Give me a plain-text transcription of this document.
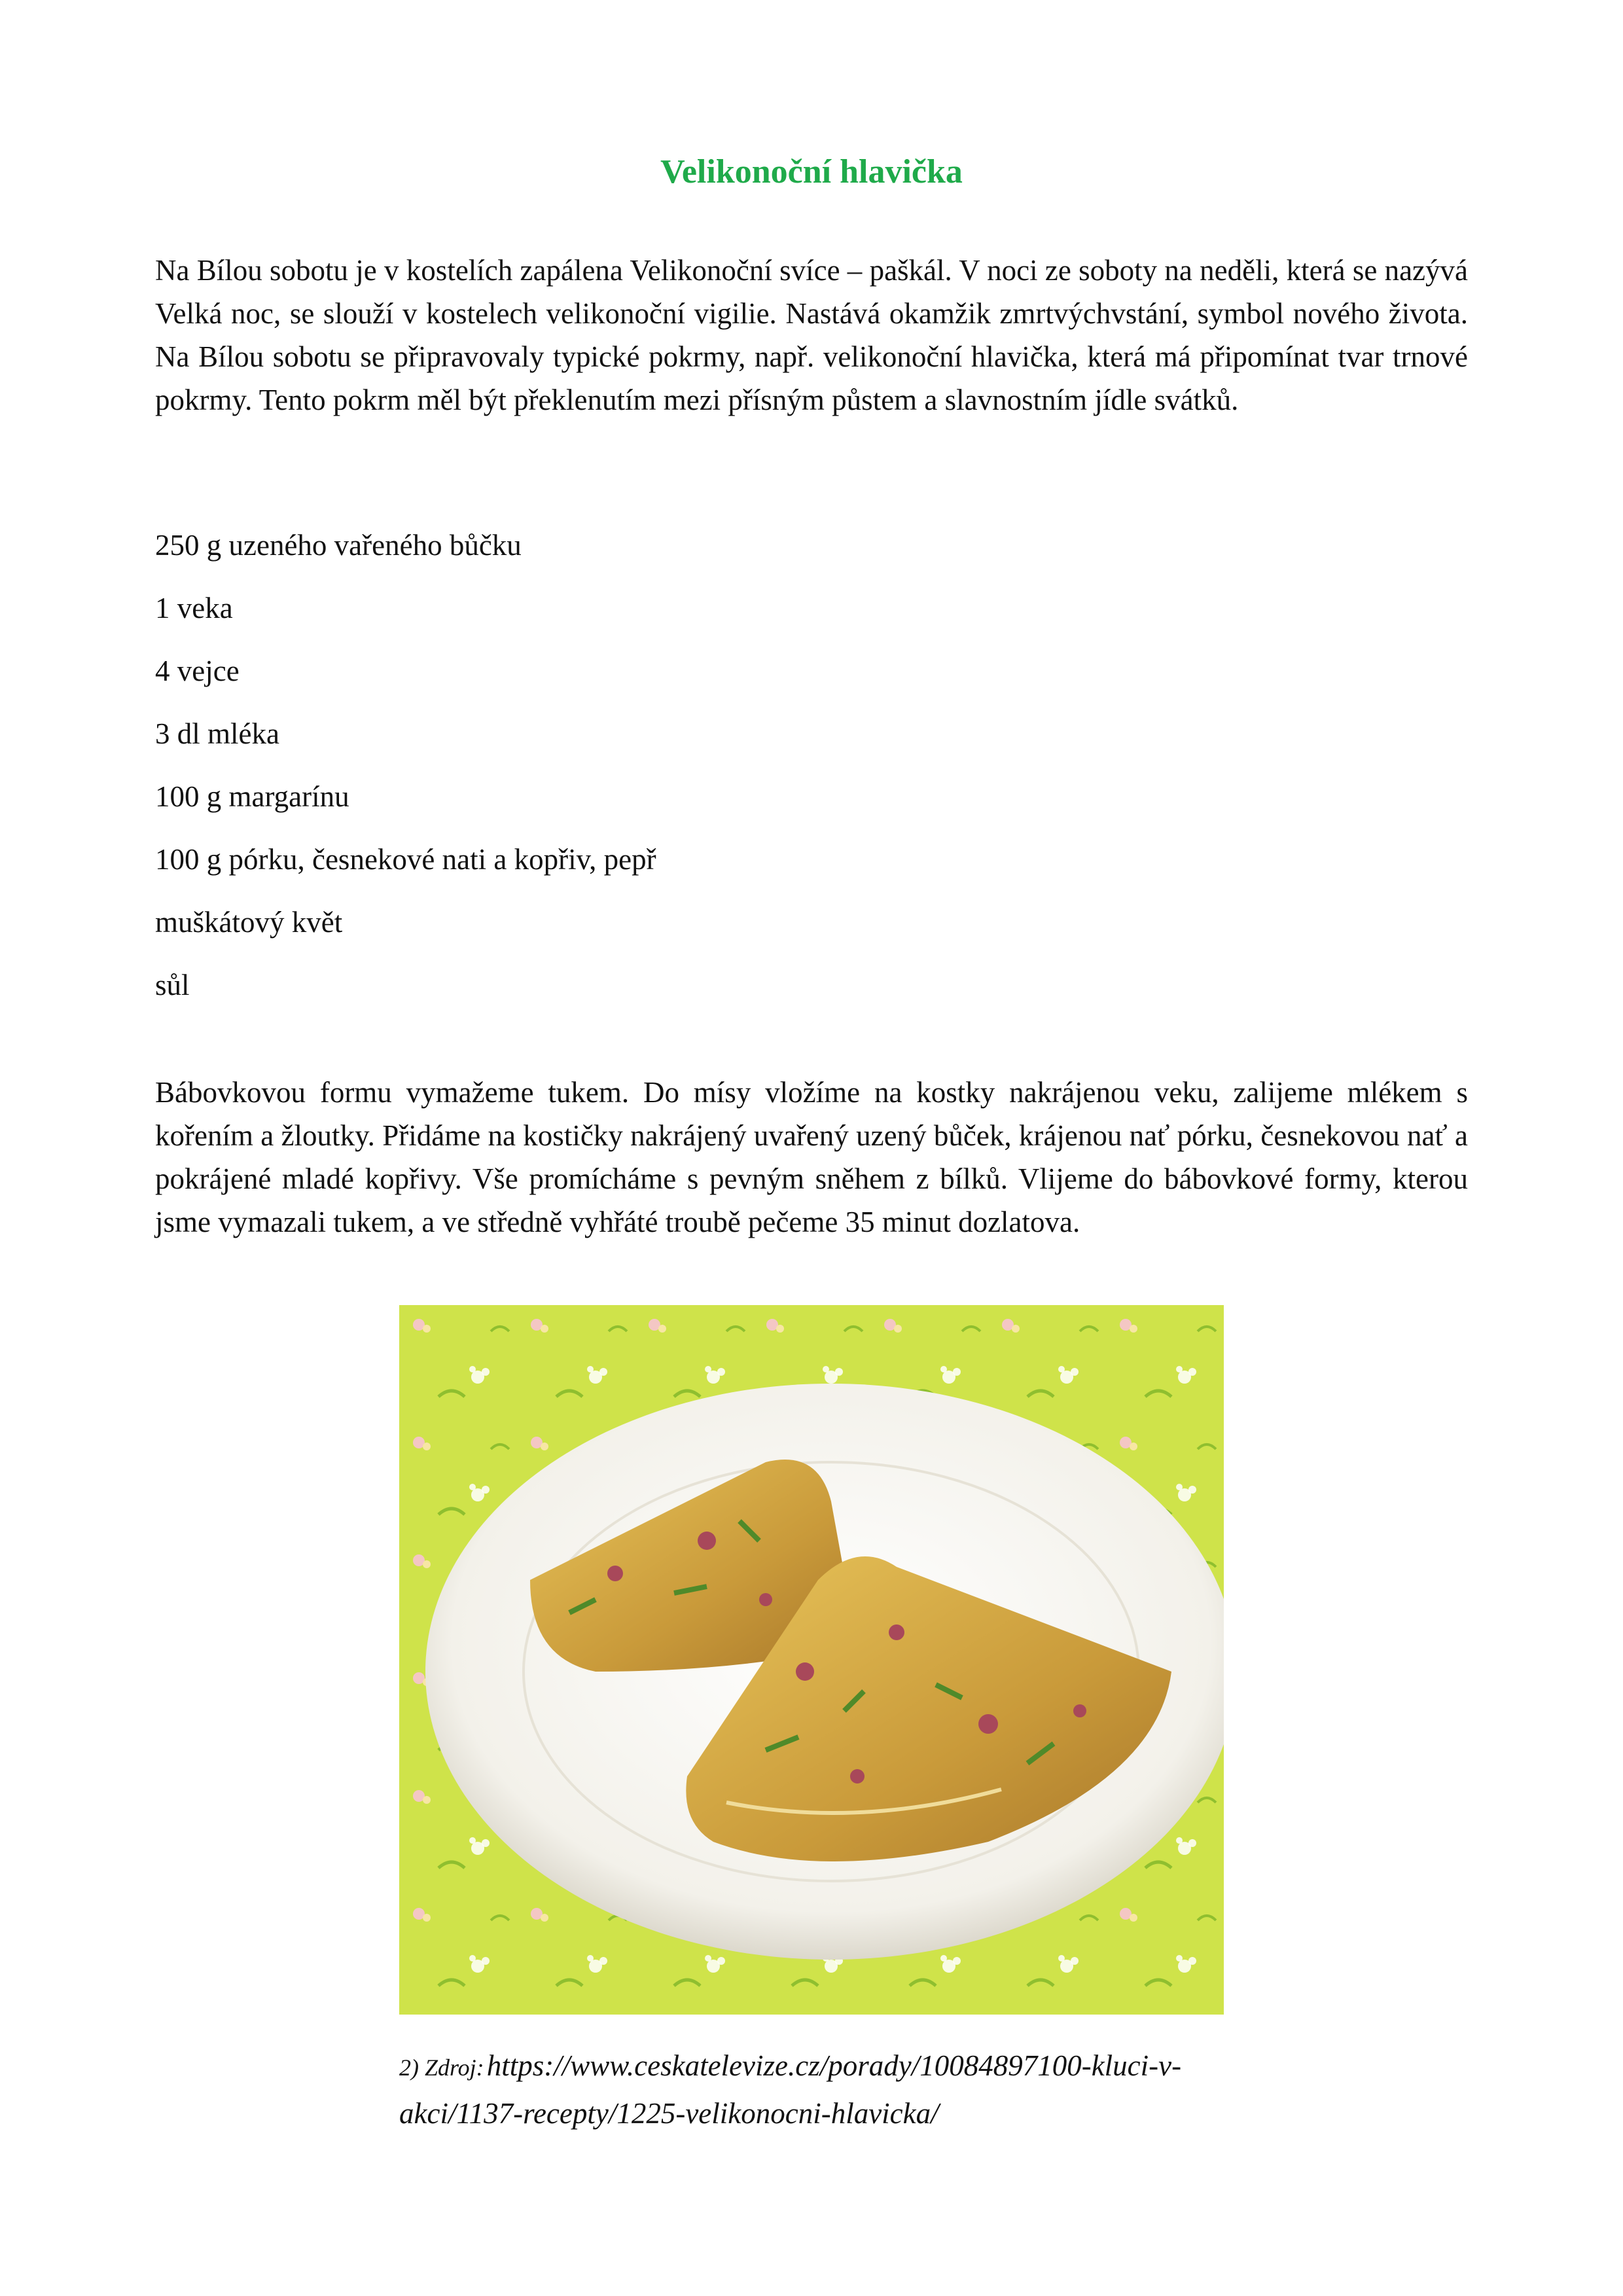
Velikonoční hlavička

Na Bílou sobotu je v kostelích zapálena Velikonoční svíce – paškál. V noci ze soboty na neděli, která se nazývá Velká noc, se slouží v kostelech velikonoční vigilie. Nastává okamžik zmrtvýchvstání, symbol nového života. Na Bílou sobotu se připravovaly typické pokrmy, např. velikonoční hlavička, která má připomínat tvar trnové pokrmy. Tento pokrm měl být překlenutím mezi přísným půstem a slavnostním jídle svátků.

250 g uzeného vařeného bůčku
1 veka
4 vejce
3 dl mléka
100 g margarínu
100 g pórku, česnekové nati a kopřiv, pepř
muškátový květ
sůl

Bábovkovou formu vymažeme tukem. Do mísy vložíme na kostky nakrájenou veku, zalijeme mlékem s kořením a žloutky. Přidáme na kostičky nakrájený uvařený uzený bůček, krájenou nať pórku, česnekovou nať a pokrájené mladé kopřivy. Vše promícháme s pevným sněhem z bílků. Vlijeme do bábovkové formy, kterou jsme vymazali tukem, a ve středně vyhřáté troubě pečeme 35 minut dozlatova.

2) Zdroj: https://www.ceskatelevize.cz/porady/10084897100-kluci-v-akci/1137-recepty/1225-velikonocni-hlavicka/
